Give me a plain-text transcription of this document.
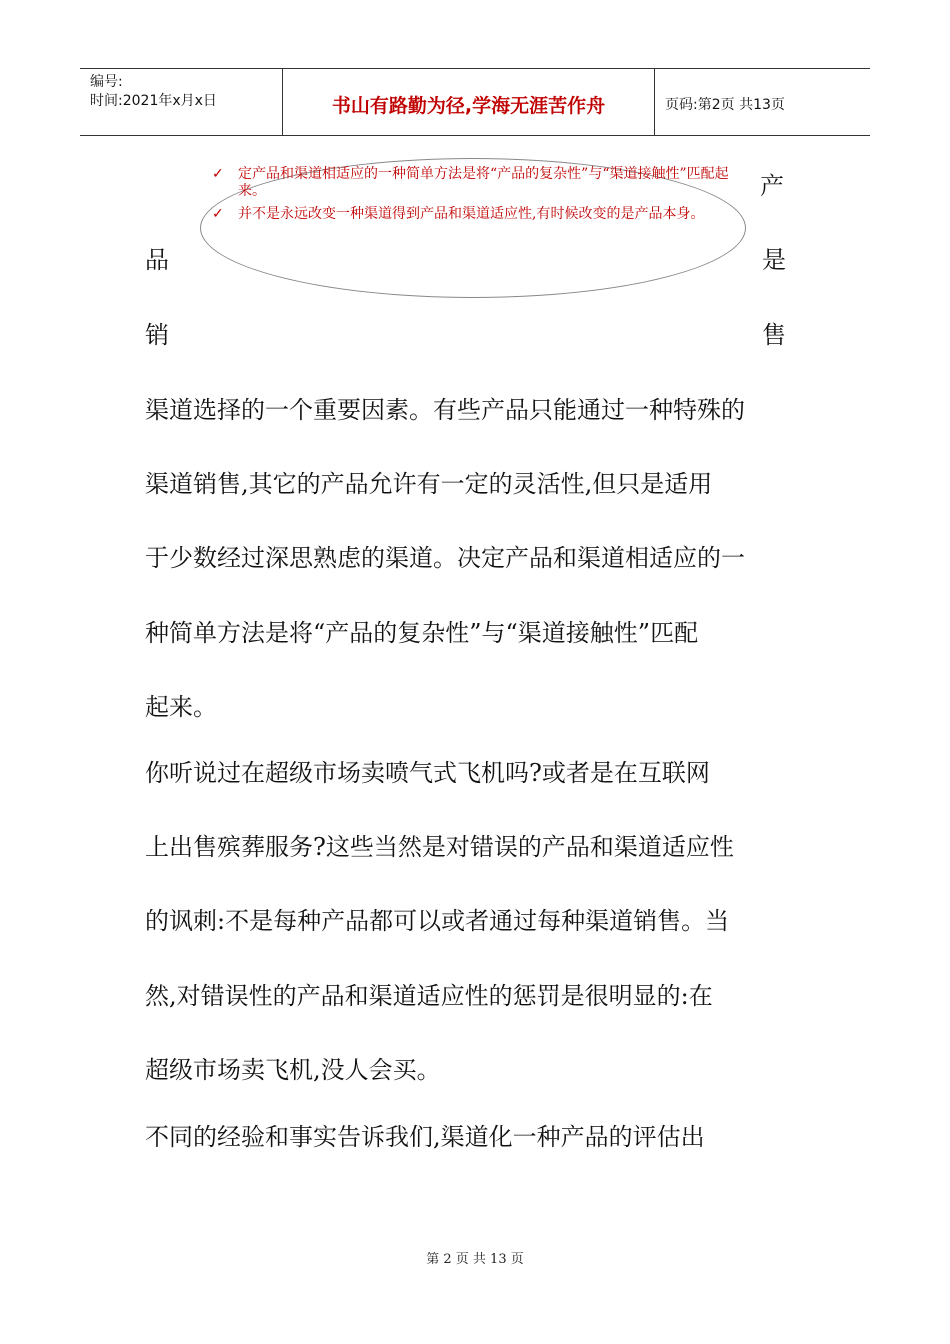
编号:
时间:2021年x月x日	书山有路勤为径,学海无涯苦作舟	页码:第2页 共13页
✓	定产品和渠道相适应的一种简单方法是将“产品的复杂性”与“渠道接触性”匹配起来。
✓	并不是永远改变一种渠道得到产品和渠道适应性,有时候改变的是产品本身。
产
品	是
销	售
渠道选择的一个重要因素。有些产品只能通过一种特殊的
渠道销售,其它的产品允许有一定的灵活性,但只是适用
于少数经过深思熟虑的渠道。决定产品和渠道相适应的一
种简单方法是将“产品的复杂性”与“渠道接触性”匹配
起来。
你听说过在超级市场卖喷气式飞机吗?或者是在互联网
上出售殡葬服务?这些当然是对错误的产品和渠道适应性
的讽刺:不是每种产品都可以或者通过每种渠道销售。当
然,对错误性的产品和渠道适应性的惩罚是很明显的:在
超级市场卖飞机,没人会买。
不同的经验和事实告诉我们,渠道化一种产品的评估出
第 2 页 共 13 页
